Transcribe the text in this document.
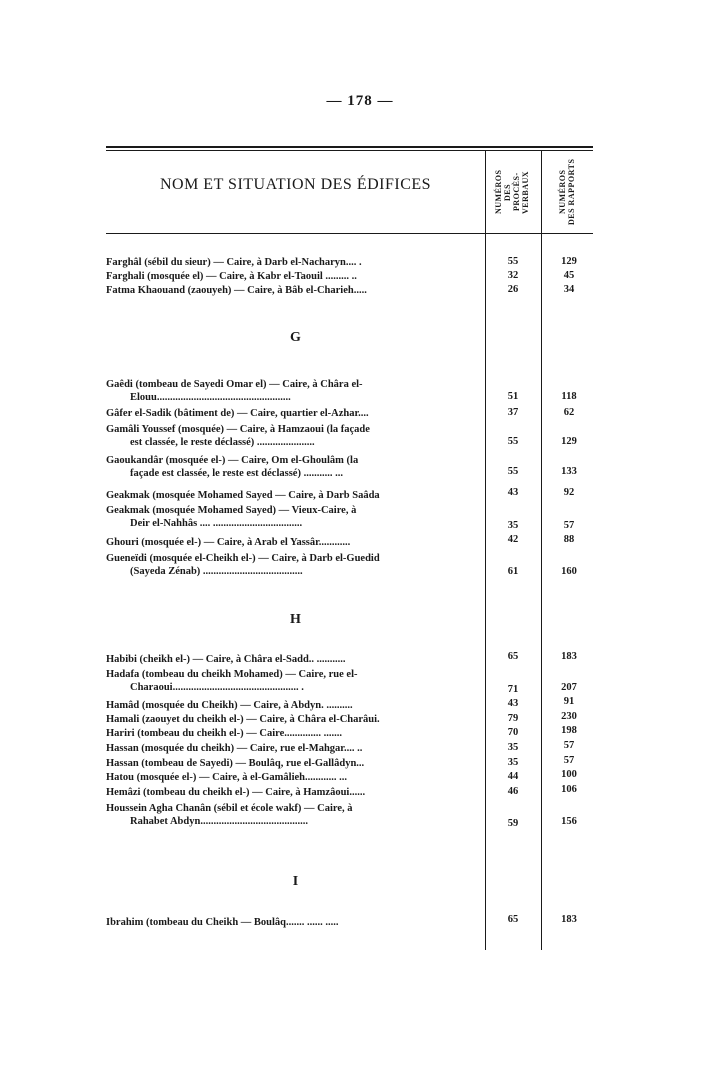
— 178 —
NOM ET SITUATION DES ÉDIFICES	NUMÉROS DES PROCÈS-VERBAUX	NUMÉROS DES RAPPORTS
Farghâl (sébil du sieur) — Caire, à Darb el-Nacharyn.... .	55	129
Farghali (mosquée el) — Caire, à Kabr el-Taouil ......... ..	32	45
Fatma Khaouand (zaouyeh) — Caire, à Bâb el-Charieh.....	26	34
G
Gaêdi (tombeau de Sayedi Omar el) — Caire, à Châra el-
Elouu...................................................	51	118
Gâfer el-Sadik (bâtiment de) — Caire, quartier el-Azhar....	37	62
Gamâli Youssef (mosquée) — Caire, à Hamzaoui (la façade
est classée, le reste déclassé) ......................	55	129
Gaoukandâr (mosquée el-) — Caire, Om el-Ghoulâm (la
façade est classée, le reste est déclassé) ........... ...	55	133
Geakmak (mosquée Mohamed Sayed — Caire, à Darb Saâda	43	92
Geakmak (mosquée Mohamed Sayed) — Vieux-Caire, à
Deir el-Nahhâs .... ..................................	35	57
Ghouri (mosquée el-) — Caire, à Arab el Yassâr............	42	88
Gueneïdi (mosquée el-Cheikh el-) — Caire, à Darb el-Guedid
(Sayeda Zénab) ......................................	61	160
H
Habibi (cheikh el-) — Caire, à Châra el-Sadd.. ...........	65	183
Hadafa (tombeau du cheikh Mohamed) — Caire, rue el-
Charaoui................................................ .	71	207
Hamâd (mosquée du Cheikh) — Caire, à Abdyn. ..........	43	91
Hamali (zaouyet du cheikh el-) — Caire, à Châra el-Charâui.	79	230
Hariri (tombeau du cheikh el-) — Caire.............. .......	70	198
Hassan (mosquée du cheikh) — Caire, rue el-Mahgar.... ..	35	57
Hassan (tombeau de Sayedi) — Boulâq, rue el-Gallâdyn...	35	57
Hatou (mosquée el-) — Caire, à el-Gamâlieh............ ...	44	100
Hemâzi (tombeau du cheikh el-) — Caire, à Hamzâoui......	46	106
Houssein Agha Chanân (sébil et école wakf) — Caire, à
Rahabet Abdyn.........................................	59	156
I
Ibrahim (tombeau du Cheikh — Boulâq....... ...... .....	65	183
